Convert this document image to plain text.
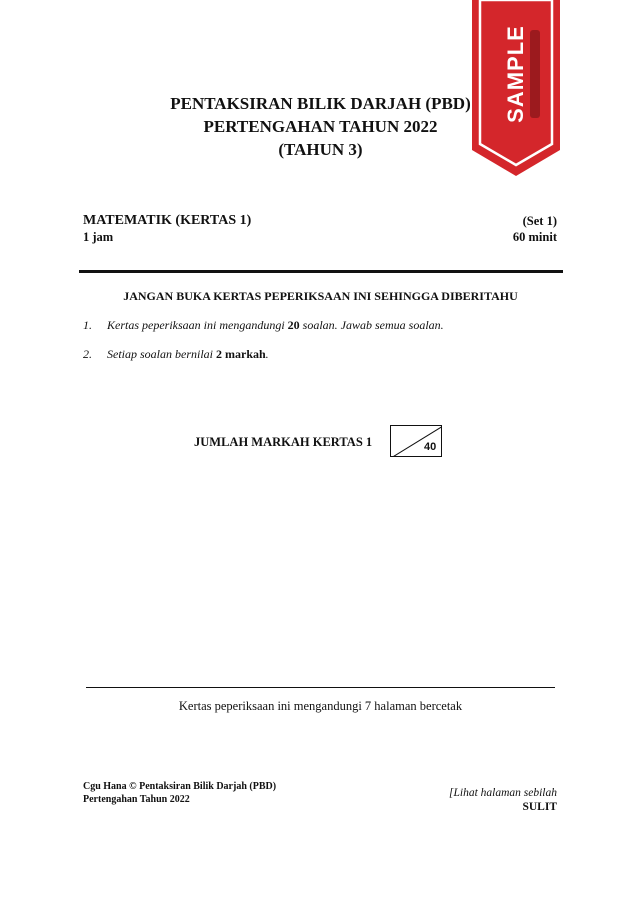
PENTAKSIRAN BILIK DARJAH (PBD)
PERTENGAHAN TAHUN 2022
(TAHUN 3)
MATEMATIK (KERTAS 1)	(Set 1)
1 jam	60 minit
JANGAN BUKA KERTAS PEPERIKSAAN INI SEHINGGA DIBERITAHU
1. Kertas peperiksaan ini mengandungi 20 soalan. Jawab semua soalan.
2. Setiap soalan bernilai 2 markah.
JUMLAH MARKAH KERTAS 1	40
Kertas peperiksaan ini mengandungi 7 halaman bercetak
Cgu Hana © Pentaksiran Bilik Darjah (PBD)
Pertengahan Tahun 2022
[Lihat halaman sebilah
SULIT
SAMPLE
